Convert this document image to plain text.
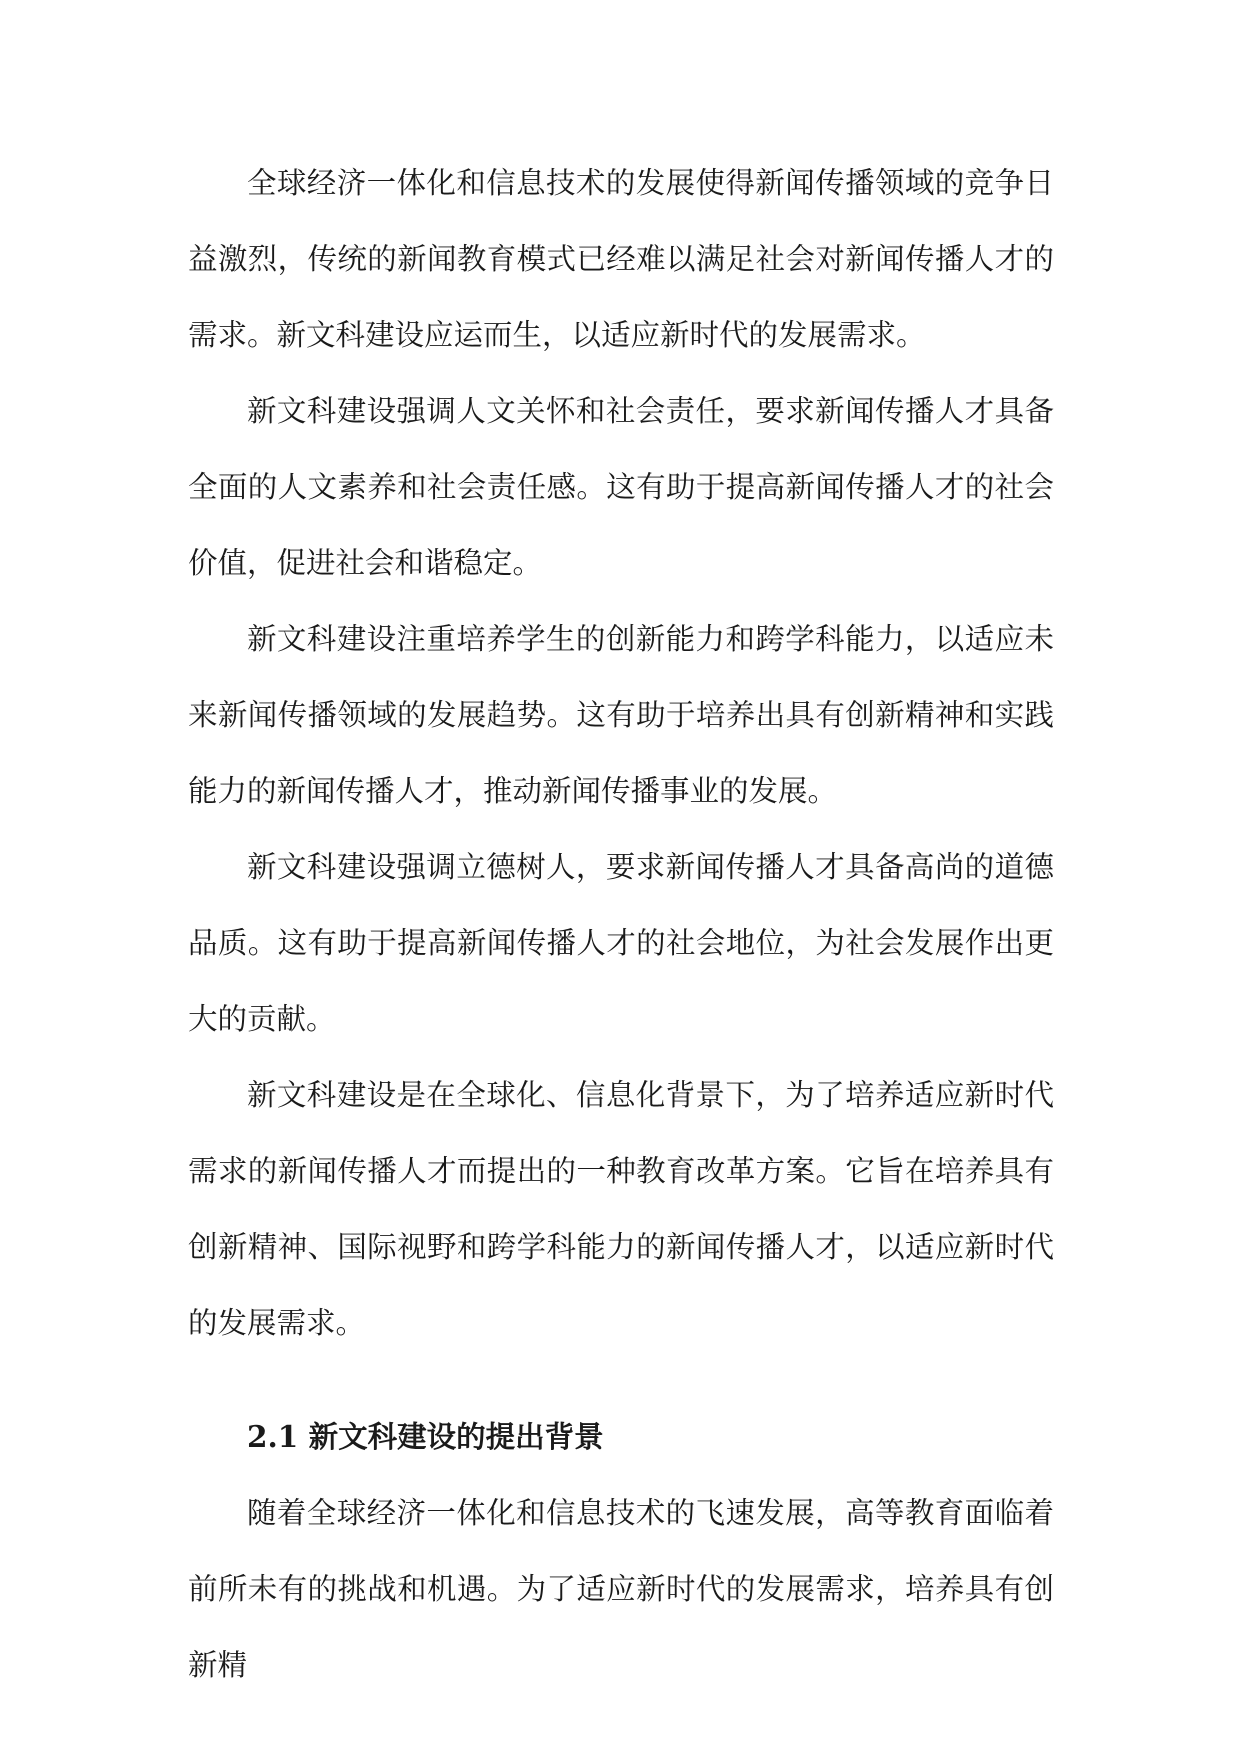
全球经济一体化和信息技术的发展使得新闻传播领域的竞争日益激烈，传统的新闻教育模式已经难以满足社会对新闻传播人才的需求。新文科建设应运而生，以适应新时代的发展需求。

新文科建设强调人文关怀和社会责任，要求新闻传播人才具备全面的人文素养和社会责任感。这有助于提高新闻传播人才的社会价值，促进社会和谐稳定。

新文科建设注重培养学生的创新能力和跨学科能力，以适应未来新闻传播领域的发展趋势。这有助于培养出具有创新精神和实践能力的新闻传播人才，推动新闻传播事业的发展。

新文科建设强调立德树人，要求新闻传播人才具备高尚的道德品质。这有助于提高新闻传播人才的社会地位，为社会发展作出更大的贡献。

新文科建设是在全球化、信息化背景下，为了培养适应新时代需求的新闻传播人才而提出的一种教育改革方案。它旨在培养具有创新精神、国际视野和跨学科能力的新闻传播人才，以适应新时代的发展需求。

2.1 新文科建设的提出背景

随着全球经济一体化和信息技术的飞速发展，高等教育面临着前所未有的挑战和机遇。为了适应新时代的发展需求，培养具有创新精
